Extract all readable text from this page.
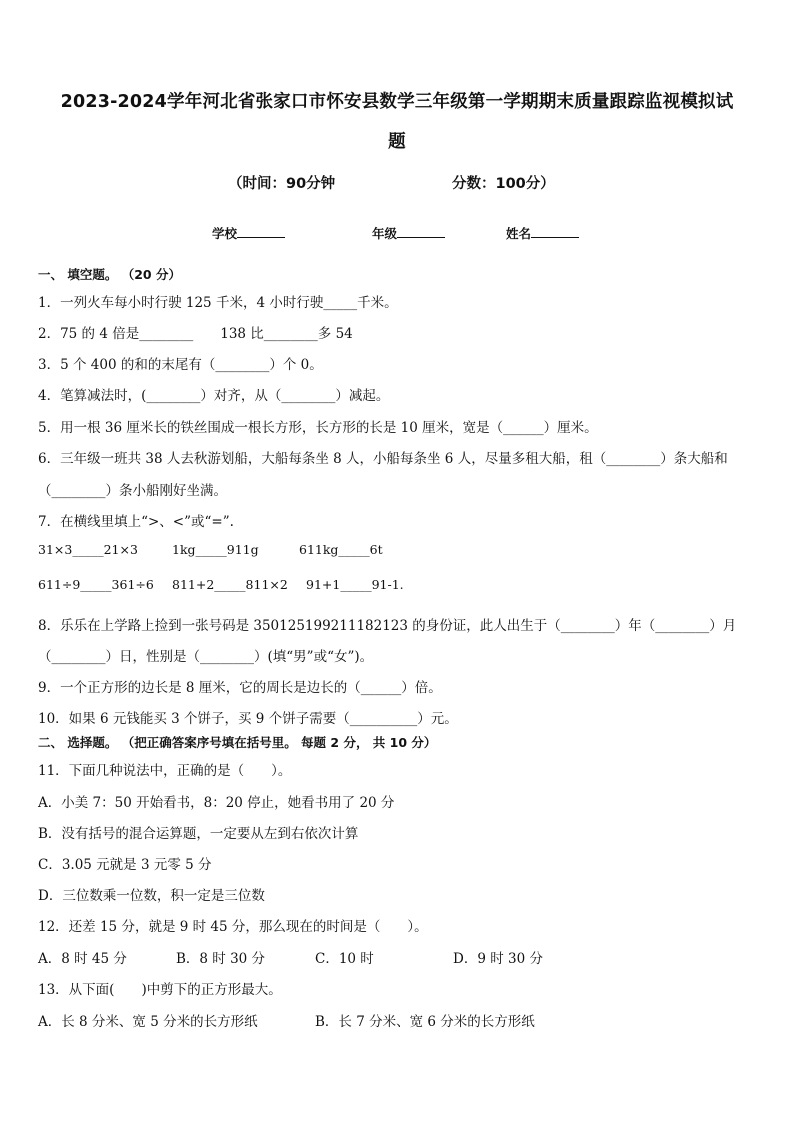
2023-2024学年河北省张家口市怀安县数学三年级第一学期期末质量跟踪监视模拟试
题
（时间：90分钟	分数：100分）
学校	年级	姓名
一、 填空题。 （20 分）
1．一列火车每小时行驶 125 千米，4 小时行驶_____千米。
2．75 的 4 倍是________　　138 比________多 54
3．5 个 400 的和的末尾有（________）个 0。
4．笔算减法时，(________）对齐，从（________）减起。
5．用一根 36 厘米长的铁丝围成一根长方形，长方形的长是 10 厘米，宽是（______）厘米。
6．三年级一班共 38 人去秋游划船，大船每条坐 8 人，小船每条坐 6 人，尽量多租大船，租（________）条大船和
（________）条小船刚好坐满。
7．在横线里填上“>、<”或“=”.
31×3_____21×3	1kg_____911g	611kg_____6t
611÷9_____361÷6 811+2_____811×2 91+1_____91-1.
8．乐乐在上学路上捡到一张号码是 350125199211182123 的身份证，此人出生于（________）年（________）月
（________）日，性别是（________）(填“男”或“女”)。
9．一个正方形的边长是 8 厘米，它的周长是边长的（______）倍。
10．如果 6 元钱能买 3 个饼子，买 9 个饼子需要（__________）元。
二、 选择题。 （把正确答案序号填在括号里。 每题 2 分， 共 10 分）
11．下面几种说法中，正确的是（　　）。
A．小美 7：50 开始看书，8：20 停止，她看书用了 20 分
B．没有括号的混合运算题，一定要从左到右依次计算
C．3.05 元就是 3 元零 5 分
D．三位数乘一位数，积一定是三位数
12．还差 15 分，就是 9 时 45 分，那么现在的时间是（　　）。
A．8 时 45 分	B．8 时 30 分	C．10 时	D．9 时 30 分
13．从下面(　　)中剪下的正方形最大。
A．长 8 分米、宽 5 分米的长方形纸	B．长 7 分米、宽 6 分米的长方形纸
